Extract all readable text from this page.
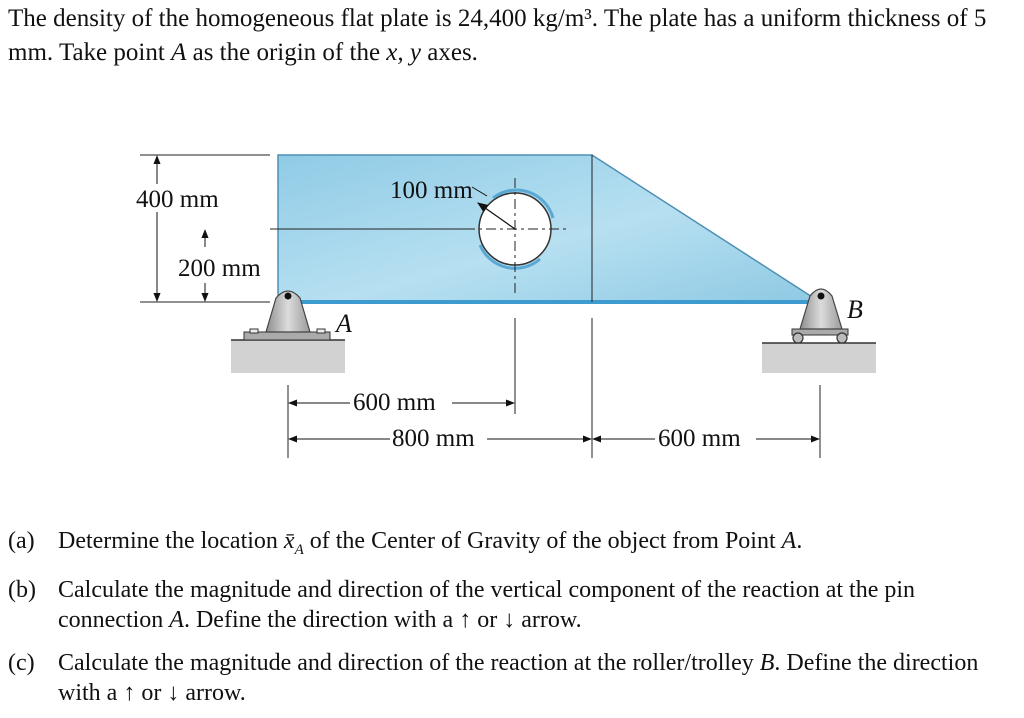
The density of the homogeneous flat plate is 24,400 kg/m³. The plate has a uniform thickness of 5 mm. Take point A as the origin of the x, y axes.

400 mm
200 mm
100 mm
A	B
600 mm
800 mm	600 mm
(a) Determine the location $x̄_A$ of the Center of Gravity of the object from Point A.
(b) Calculate the magnitude and direction of the vertical component of the reaction at the pin connection A. Define the direction with a ↑ or ↓ arrow.
(c) Calculate the magnitude and direction of the reaction at the roller/trolley B. Define the direction with a ↑ or ↓ arrow.
